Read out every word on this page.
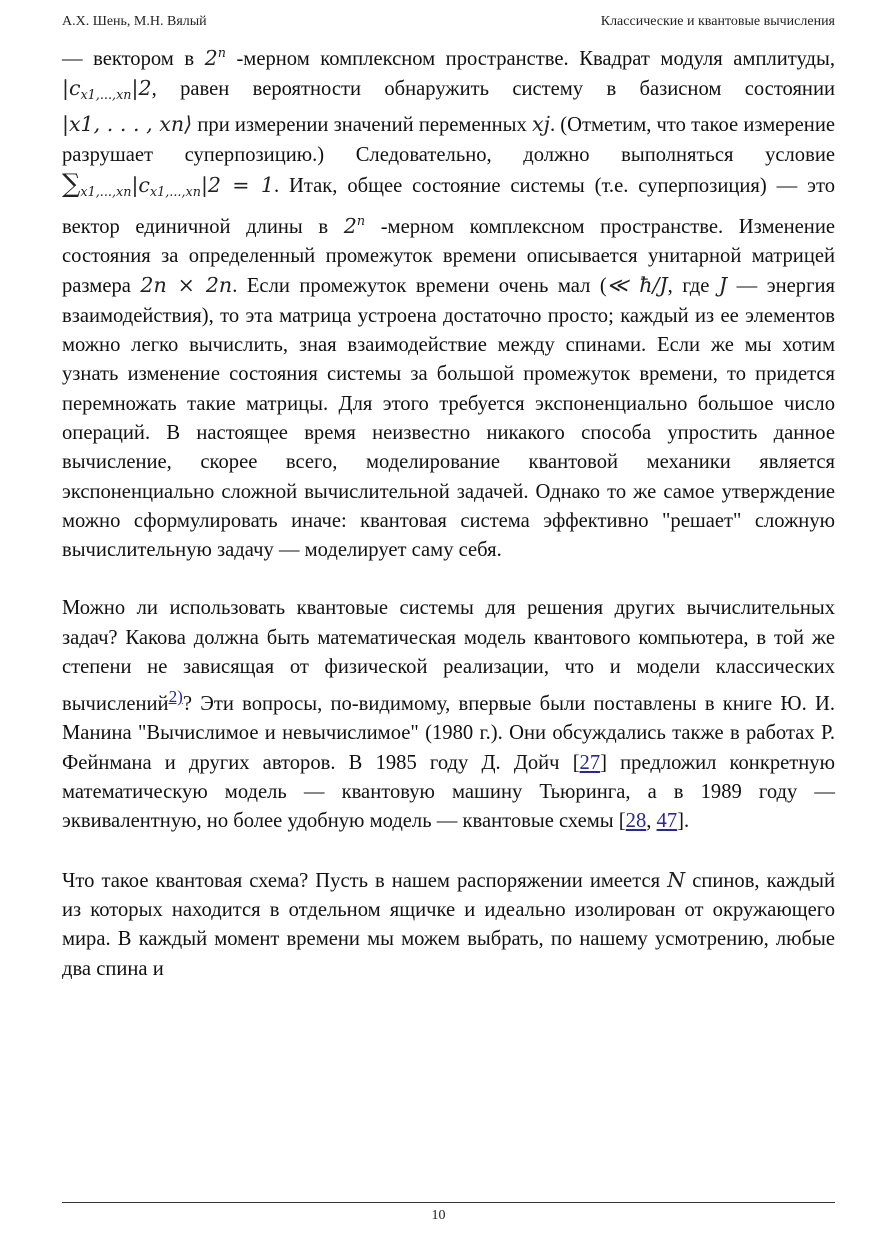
А.Х. Шень, М.Н. Вялый	Классические и квантовые вычисления

— вектором в 2$^n$ -мерном комплексном пространстве. Квадрат модуля амплитуды, $|c_{x1,...,xn}|2$, равен вероятности обнаружить систему в базисном состоянии |x1, . . . , xn⟩ при измерении значений переменных xj. (Отметим, что такое измерение разрушает суперпозицию.) Следовательно, должно выполняться условие $\sum_{x1,...,xn}|c_{x1,...,xn}|2 = 1$. Итак, общее состояние системы (т.е. суперпозиция) — это вектор единичной длины в 2$^n$ -мерном комплексном пространстве. Изменение состояния за определенный промежуток времени описывается унитарной матрицей размера 2n × 2n. Если промежуток времени очень мал (≪ ħ/J, где J — энергия взаимодействия), то эта матрица устроена достаточно просто; каждый из ее элементов можно легко вычислить, зная взаимодействие между спинами. Если же мы хотим узнать изменение состояния системы за большой промежуток времени, то придется перемножать такие матрицы. Для этого требуется экспоненциально большое число операций. В настоящее время неизвестно никакого способа упростить данное вычисление, скорее всего, моделирование квантовой механики является экспоненциально сложной вычислительной задачей. Однако то же самое утверждение можно сформулировать иначе: квантовая система эффективно "решает" сложную вычислительную задачу — моделирует саму себя.

Можно ли использовать квантовые системы для решения других вычислительных задач? Какова должна быть математическая модель квантового компьютера, в той же степени не зависящая от физической реализации, что и модели классических вычислений$^{2)}$? Эти вопросы, по-видимому, впервые были поставлены в книге Ю. И. Манина "Вычислимое и невычислимое" (1980 г.). Они обсуждались также в работах Р. Фейнмана и других авторов. В 1985 году Д. Дойч [27] предложил конкретную математическую модель — квантовую машину Тьюринга, а в 1989 году — эквивалентную, но более удобную модель — квантовые схемы [28, 47].

Что такое квантовая схема? Пусть в нашем распоряжении имеется N спинов, каждый из которых находится в отдельном ящичке и идеально изолирован от окружающего мира. В каждый момент времени мы можем выбрать, по нашему усмотрению, любые два спина и

10
